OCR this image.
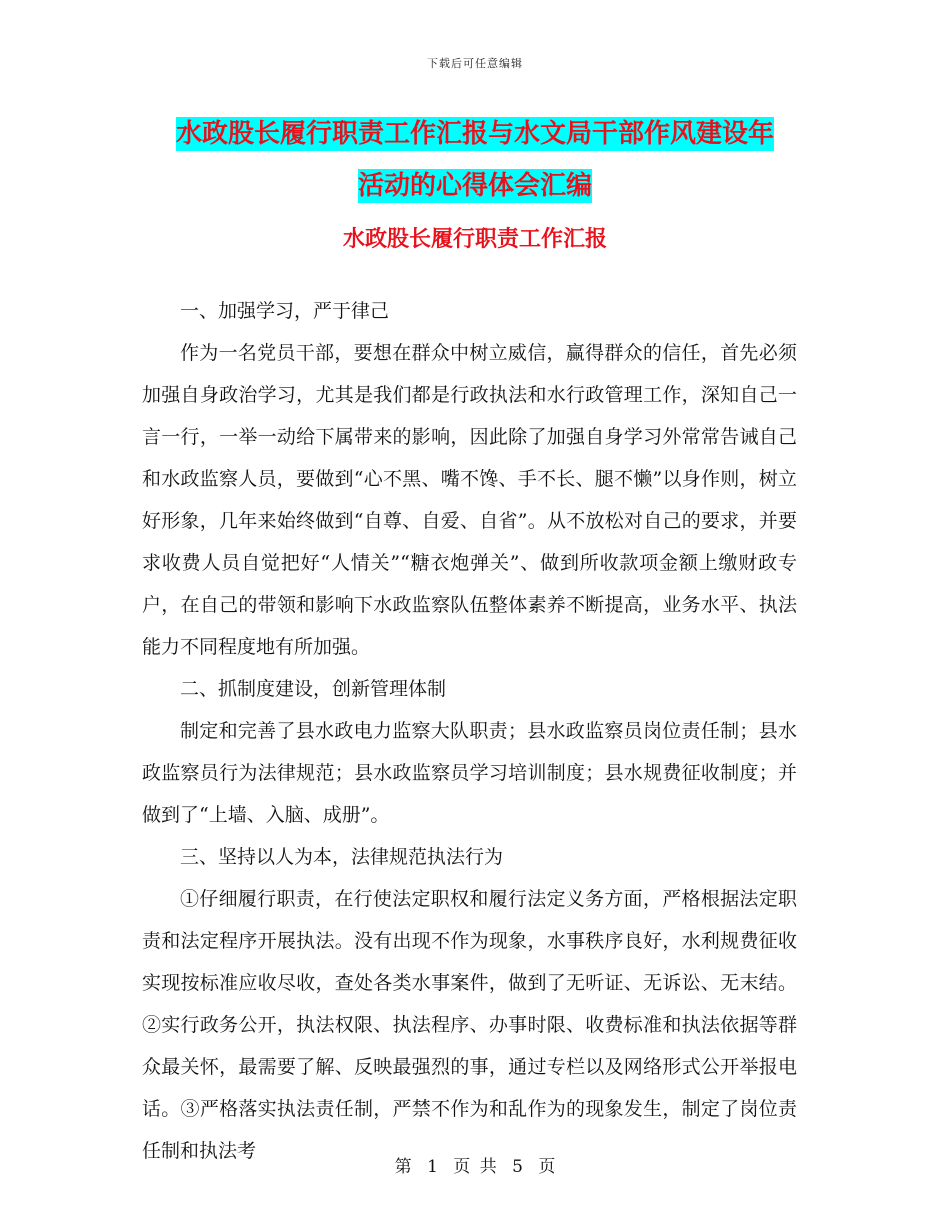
下载后可任意编辑
水政股长履行职责工作汇报与水文局干部作风建设年
活动的心得体会汇编
水政股长履行职责工作汇报

一、加强学习，严于律己

作为一名党员干部，要想在群众中树立威信，赢得群众的信任，首先必须加强自身政治学习，尤其是我们都是行政执法和水行政管理工作，深知自己一言一行，一举一动给下属带来的影响，因此除了加强自身学习外常常告诫自己和水政监察人员，要做到“心不黑、嘴不馋、手不长、腿不懒”以身作则，树立好形象，几年来始终做到“自尊、自爱、自省”。从不放松对自己的要求，并要求收费人员自觉把好“人情关”“糖衣炮弹关”、做到所收款项金额上缴财政专户，在自己的带领和影响下水政监察队伍整体素养不断提高，业务水平、执法能力不同程度地有所加强。

二、抓制度建设，创新管理体制

制定和完善了县水政电力监察大队职责；县水政监察员岗位责任制；县水政监察员行为法律规范；县水政监察员学习培训制度；县水规费征收制度；并做到了“上墙、入脑、成册”。

三、坚持以人为本，法律规范执法行为

①仔细履行职责，在行使法定职权和履行法定义务方面，严格根据法定职责和法定程序开展执法。没有出现不作为现象，水事秩序良好，水利规费征收实现按标准应收尽收，查处各类水事案件，做到了无听证、无诉讼、无末结。②实行政务公开，执法权限、执法程序、办事时限、收费标准和执法依据等群众最关怀，最需要了解、反映最强烈的事，通过专栏以及网络形式公开举报电话。③严格落实执法责任制，严禁不作为和乱作为的现象发生，制定了岗位责任制和执法考

第 1 页 共 5 页
